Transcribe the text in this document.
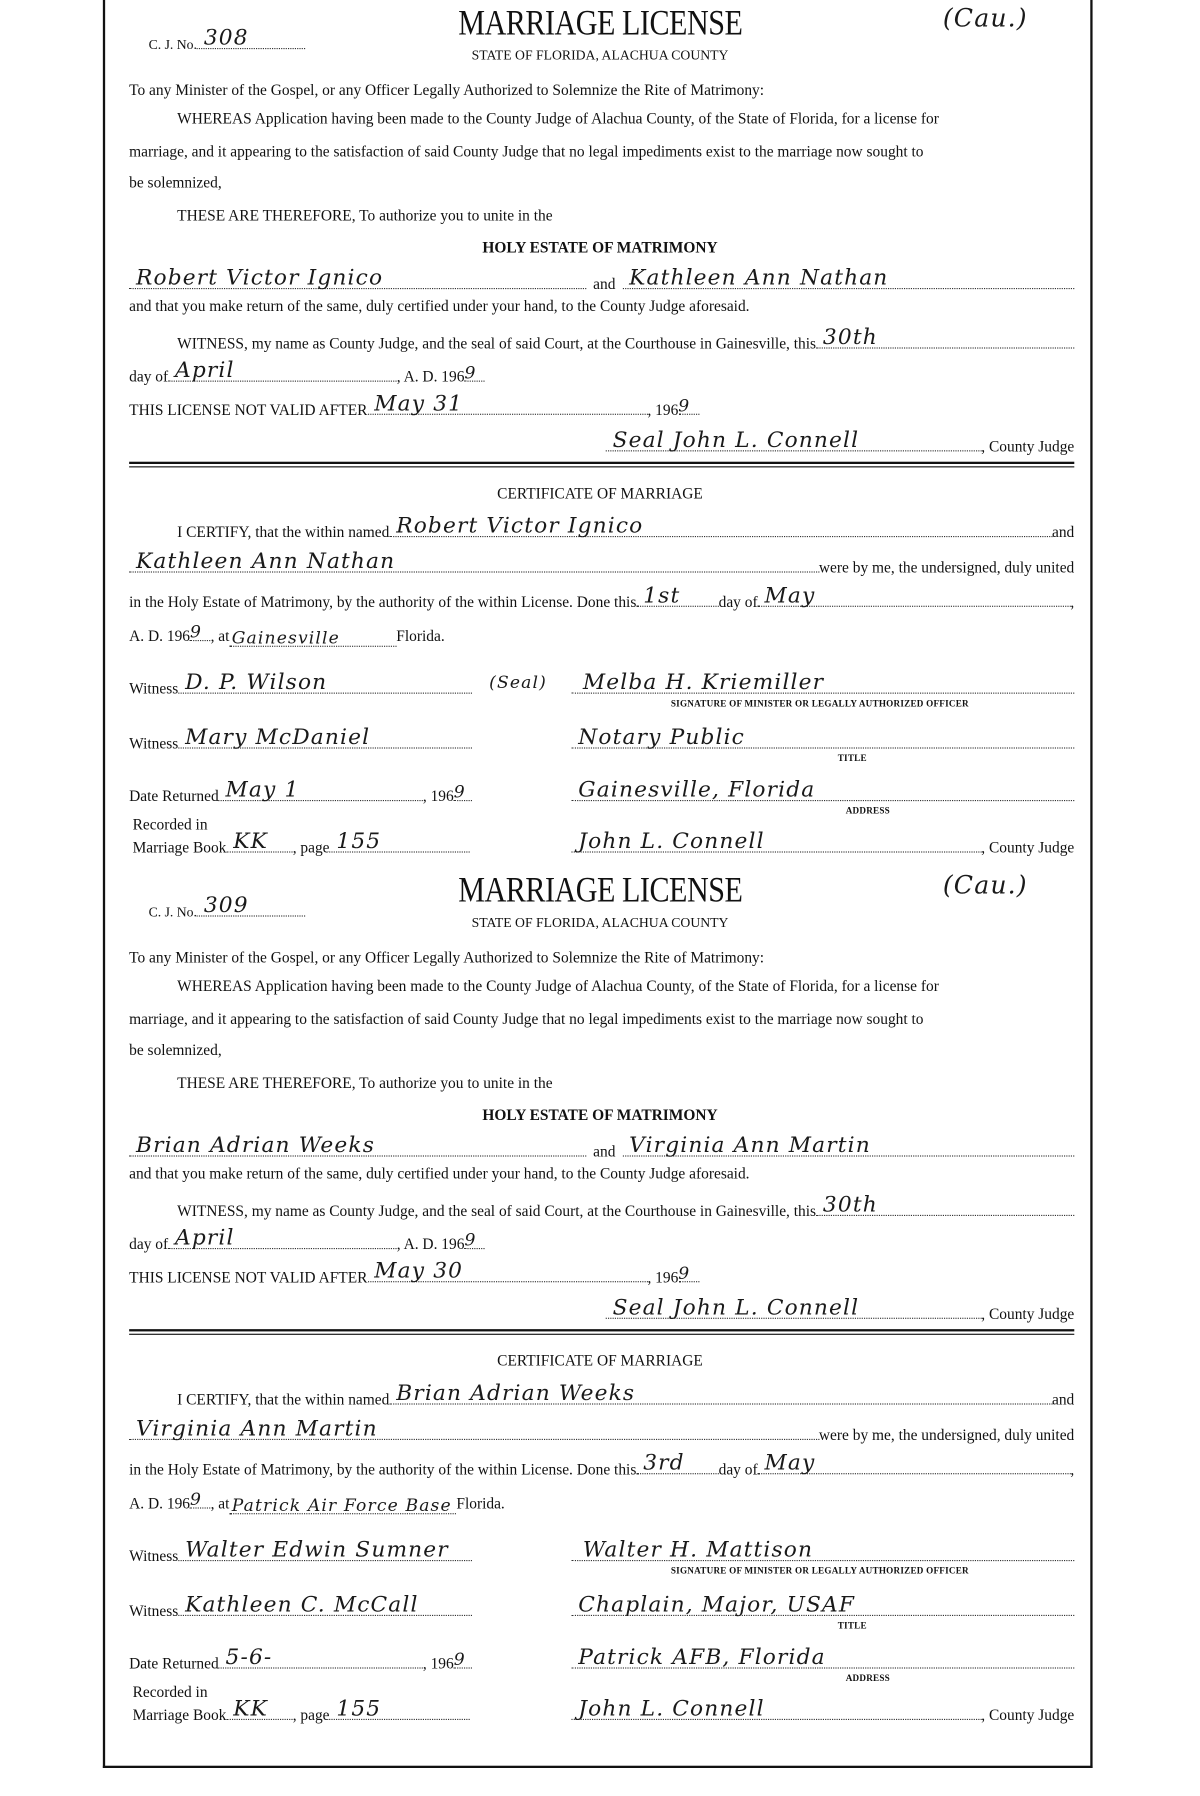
C. J. No. 308	MARRIAGE LICENSE	(Cau.)
STATE OF FLORIDA, ALACHUA COUNTY
To any Minister of the Gospel, or any Officer Legally Authorized to Solemnize the Rite of Matrimony:
WHEREAS Application having been made to the County Judge of Alachua County, of the State of Florida, for a license for
marriage, and it appearing to the satisfaction of said County Judge that no legal impediments exist to the marriage now sought to
be solemnized,
THESE ARE THEREFORE, To authorize you to unite in the
HOLY ESTATE OF MATRIMONY
Robert Victor Ignico	and Kathleen Ann Nathan
and that you make return of the same, duly certified under your hand, to the County Judge aforesaid.
WITNESS, my name as County Judge, and the seal of said Court, at the Courthouse in Gainesville, this 30th
day of April	, A. D. 196 9
THIS LICENSE NOT VALID AFTER May 31	, 196 9
Seal John L. Connell	, County Judge
CERTIFICATE OF MARRIAGE
I CERTIFY, that the within named Robert Victor Ignico	and
Kathleen Ann Nathan	were by me, the undersigned, duly united
in the Holy Estate of Matrimony, by the authority of the within License. Done this 1st	day of May	,
A. D. 196 9 , at Gainesville	Florida.
Witness D. P. Wilson	(Seal) Melba H. Kriemiller
SIGNATURE OF MINISTER OR LEGALLY AUTHORIZED OFFICER
Witness Mary McDaniel	Notary Public
TITLE
Date Returned May 1	, 196 9	Gainesville, Florida
ADDRESS
Recorded in
Marriage Book KK , page 155	John L. Connell	, County Judge
C. J. No. 309	MARRIAGE LICENSE	(Cau.)
STATE OF FLORIDA, ALACHUA COUNTY
To any Minister of the Gospel, or any Officer Legally Authorized to Solemnize the Rite of Matrimony:
WHEREAS Application having been made to the County Judge of Alachua County, of the State of Florida, for a license for
marriage, and it appearing to the satisfaction of said County Judge that no legal impediments exist to the marriage now sought to
be solemnized,
THESE ARE THEREFORE, To authorize you to unite in the
HOLY ESTATE OF MATRIMONY
Brian Adrian Weeks	and Virginia Ann Martin
and that you make return of the same, duly certified under your hand, to the County Judge aforesaid.
WITNESS, my name as County Judge, and the seal of said Court, at the Courthouse in Gainesville, this 30th
day of April	, A. D. 196 9
THIS LICENSE NOT VALID AFTER May 30	, 196 9
Seal John L. Connell	, County Judge
CERTIFICATE OF MARRIAGE
I CERTIFY, that the within named Brian Adrian Weeks	and
Virginia Ann Martin	were by me, the undersigned, duly united
in the Holy Estate of Matrimony, by the authority of the within License. Done this 3rd	day of May	,
A. D. 196 9 , at Patrick Air Force Base Florida.
Witness Walter Edwin Sumner	Walter H. Mattison
SIGNATURE OF MINISTER OR LEGALLY AUTHORIZED OFFICER
Witness Kathleen C. McCall	Chaplain, Major, USAF
TITLE
Date Returned 5-6-	, 196 9	Patrick AFB, Florida
ADDRESS
Recorded in
Marriage Book KK , page 155	John L. Connell	, County Judge
